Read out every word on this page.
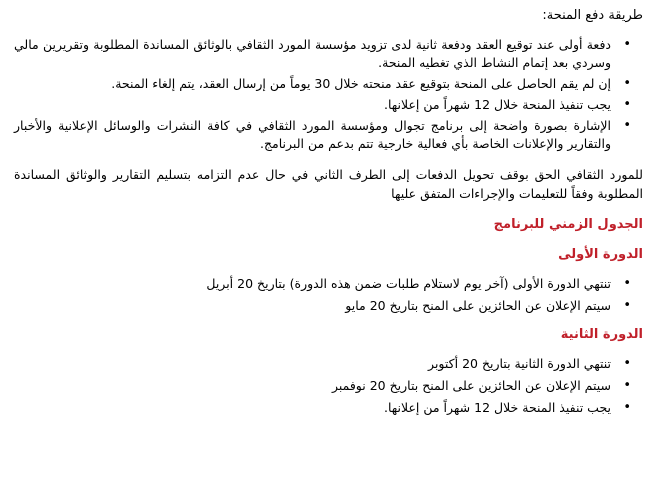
طريقة دفع المنحة:

•
دفعة أولى عند توقيع العقد ودفعة ثانية لدى تزويد مؤسسة المورد الثقافي بالوثائق المساندة المطلوبة وتقريرين مالي وسردي بعد إتمام النشاط الذي تغطيه المنحة.
•
إن لم يقم الحاصل على المنحة بتوقيع عقد منحته خلال 30 يوماً من إرسال العقد، يتم إلغاء المنحة.
•
يجب تنفيذ المنحة خلال 12 شهراً من إعلانها.
•
الإشارة بصورة واضحة إلى برنامج تجوال ومؤسسة المورد الثقافي في كافة النشرات والوسائل الإعلانية والأخبار والتقارير والإعلانات الخاصة بأي فعالية خارجية تتم بدعم من البرنامج.

للمورد الثقافي الحق بوقف تحويل الدفعات إلى الطرف الثاني في حال عدم التزامه بتسليم التقارير والوثائق المساندة المطلوبة وفقاً للتعليمات والإجراءات المتفق عليها

الجدول الزمني للبرنامج

الدورة الأولى

•
تنتهي الدورة الأولى (آخر يوم لاستلام طلبات ضمن هذه الدورة) بتاريخ 20 أبريل
•
سيتم الإعلان عن الحائزين على المنح بتاريخ 20 مايو

الدورة الثانية

•
تنتهي الدورة الثانية بتاريخ 20 أكتوبر
•
سيتم الإعلان عن الحائزين على المنح بتاريخ 20 نوفمبر
•
يجب تنفيذ المنحة خلال 12 شهراً من إعلانها.
